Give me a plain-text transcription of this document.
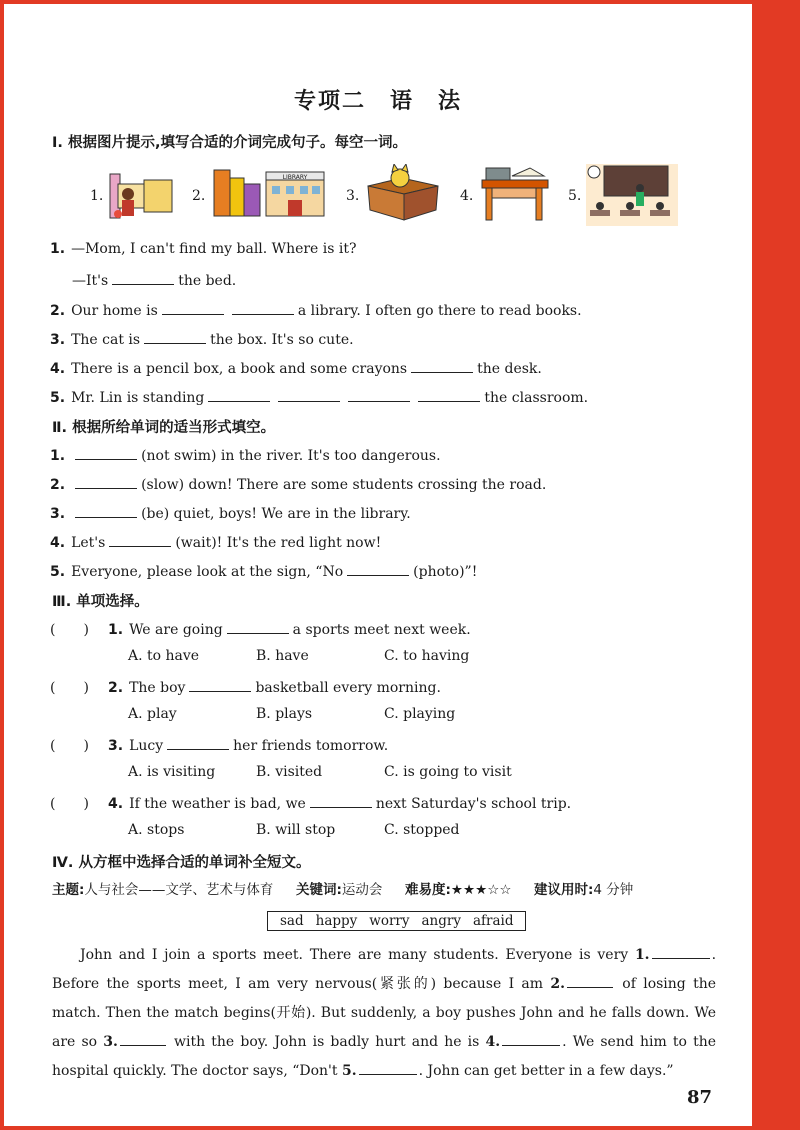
专项二　语　法
Ⅰ. 根据图片提示,填写合适的介词完成句子。每空一词。
1.	2.
LIBRARY
3.	4.	5.
1. —Mom, I can't find my ball. Where is it?
—It's	the bed.
2. Our home is	a library. I often go there to read books.
3. The cat is	the box. It's so cute.
4. There is a pencil box, a book and some crayons	the desk.
5. Mr. Lin is standing	the classroom.
Ⅱ. 根据所给单词的适当形式填空。
1.	(not swim) in the river. It's too dangerous.
2.	(slow) down! There are some students crossing the road.
3.	(be) quiet, boys! We are in the library.
4. Let's	(wait)! It's the red light now!
5. Everyone, please look at the sign, “No	(photo)”!
Ⅲ. 单项选择。
(　　) 1. We are going	a sports meet next week.
A. to have	B. have	C. to having
(　　) 2. The boy	basketball every morning.
A. play	B. plays	C. playing
(　　) 3. Lucy	her friends tomorrow.
A. is visiting	B. visited	C. is going to visit
(　　) 4. If the weather is bad, we	next Saturday's school trip.
A. stops	B. will stop	C. stopped
Ⅳ. 从方框中选择合适的单词补全短文。
主题:人与社会——文学、艺术与体育 关键词:运动会 难易度:★★★☆☆ 建议用时:4 分钟
sad happy worry angry afraid
John and I join a sports meet. There are many students. Everyone is very 1.	. Before the sports meet, I am very nervous(紧张的) because I am 2.	of losing the match. Then the match begins(开始). But suddenly, a boy pushes John and he falls down. We are so 3.	with the boy. John is badly hurt and he is 4.	. We send him to the hospital quickly. The doctor says, “Don't 5.	. John can get better in a few days.”
87
